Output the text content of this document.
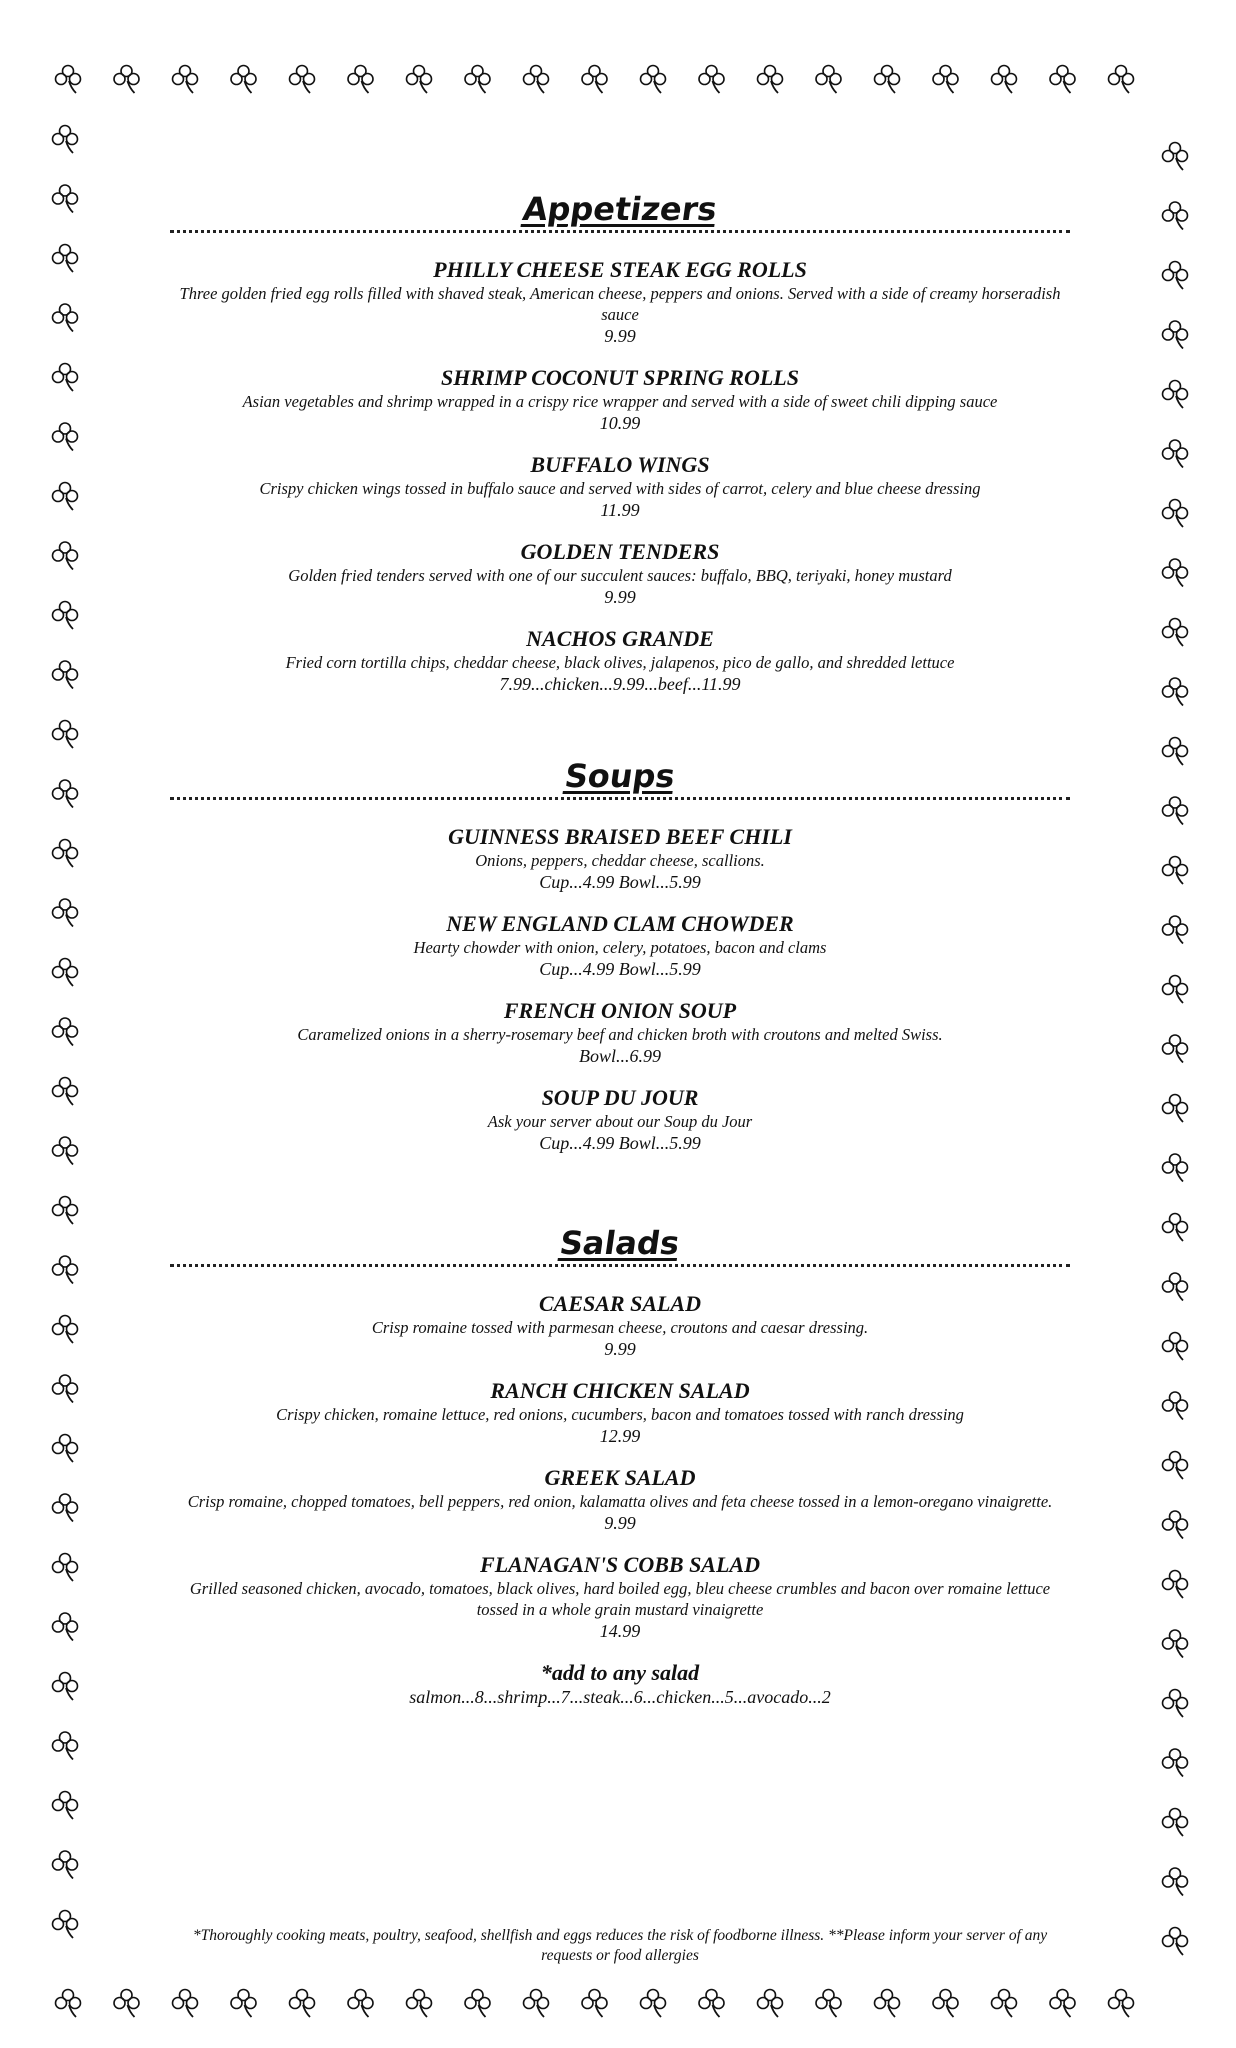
Appetizers
PHILLY CHEESE STEAK EGG ROLLS
Three golden fried egg rolls filled with shaved steak, American cheese, peppers and onions. Served with a side of creamy horseradish sauce
9.99
SHRIMP COCONUT SPRING ROLLS
Asian vegetables and shrimp wrapped in a crispy rice wrapper and served with a side of sweet chili dipping sauce
10.99
BUFFALO WINGS
Crispy chicken wings tossed in buffalo sauce and served with sides of carrot, celery and blue cheese dressing
11.99
GOLDEN TENDERS
Golden fried tenders served with one of our succulent sauces: buffalo, BBQ, teriyaki, honey mustard
9.99
NACHOS GRANDE
Fried corn tortilla chips, cheddar cheese, black olives, jalapenos, pico de gallo, and shredded lettuce
7.99...chicken...9.99...beef...11.99
Soups
GUINNESS BRAISED BEEF CHILI
Onions, peppers, cheddar cheese, scallions.
Cup...4.99 Bowl...5.99
NEW ENGLAND CLAM CHOWDER
Hearty chowder with onion, celery, potatoes, bacon and clams
Cup...4.99 Bowl...5.99
FRENCH ONION SOUP
Caramelized onions in a sherry-rosemary beef and chicken broth with croutons and melted Swiss.
Bowl...6.99
SOUP DU JOUR
Ask your server about our Soup du Jour
Cup...4.99 Bowl...5.99
Salads
CAESAR SALAD
Crisp romaine tossed with parmesan cheese, croutons and caesar dressing.
9.99
RANCH CHICKEN SALAD
Crispy chicken, romaine lettuce, red onions, cucumbers, bacon and tomatoes tossed with ranch dressing
12.99
GREEK SALAD
Crisp romaine, chopped tomatoes, bell peppers, red onion, kalamatta olives and feta cheese tossed in a lemon-oregano vinaigrette.
9.99
FLANAGAN'S COBB SALAD
Grilled seasoned chicken, avocado, tomatoes, black olives, hard boiled egg, bleu cheese crumbles and bacon over romaine lettuce tossed in a whole grain mustard vinaigrette
14.99
*add to any salad
salmon...8...shrimp...7...steak...6...chicken...5...avocado...2
*Thoroughly cooking meats, poultry, seafood, shellfish and eggs reduces the risk of foodborne illness. **Please inform your server of any requests or food allergies
